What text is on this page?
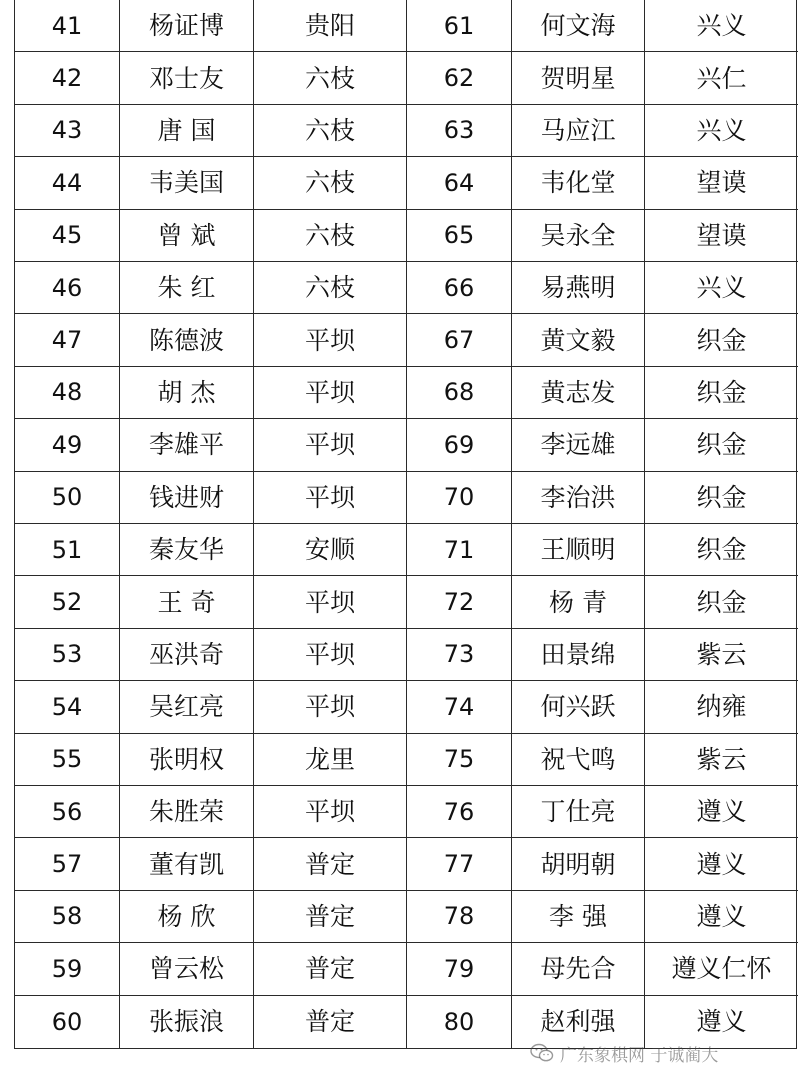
41	杨证博	贵阳	61	何文海	兴义
42	邓士友	六枝	62	贺明星	兴仁
43	唐 国	六枝	63	马应江	兴义
44	韦美国	六枝	64	韦化堂	望谟
45	曾 斌	六枝	65	吴永全	望谟
46	朱 红	六枝	66	易燕明	兴义
47	陈德波	平坝	67	黄文毅	织金
48	胡 杰	平坝	68	黄志发	织金
49	李雄平	平坝	69	李远雄	织金
50	钱进财	平坝	70	李治洪	织金
51	秦友华	安顺	71	王顺明	织金
52	王 奇	平坝	72	杨 青	织金
53	巫洪奇	平坝	73	田景绵	紫云
54	吴红亮	平坝	74	何兴跃	纳雍
55	张明权	龙里	75	祝弋鸣	紫云
56	朱胜荣	平坝	76	丁仕亮	遵义
57	董有凯	普定	77	胡明朝	遵义
58	杨 欣	普定	78	李 强	遵义
59	曾云松	普定	79	母先合	遵义仁怀
60	张振浪	普定	80	赵利强	遵义
广东象棋网 于诚蔺大
